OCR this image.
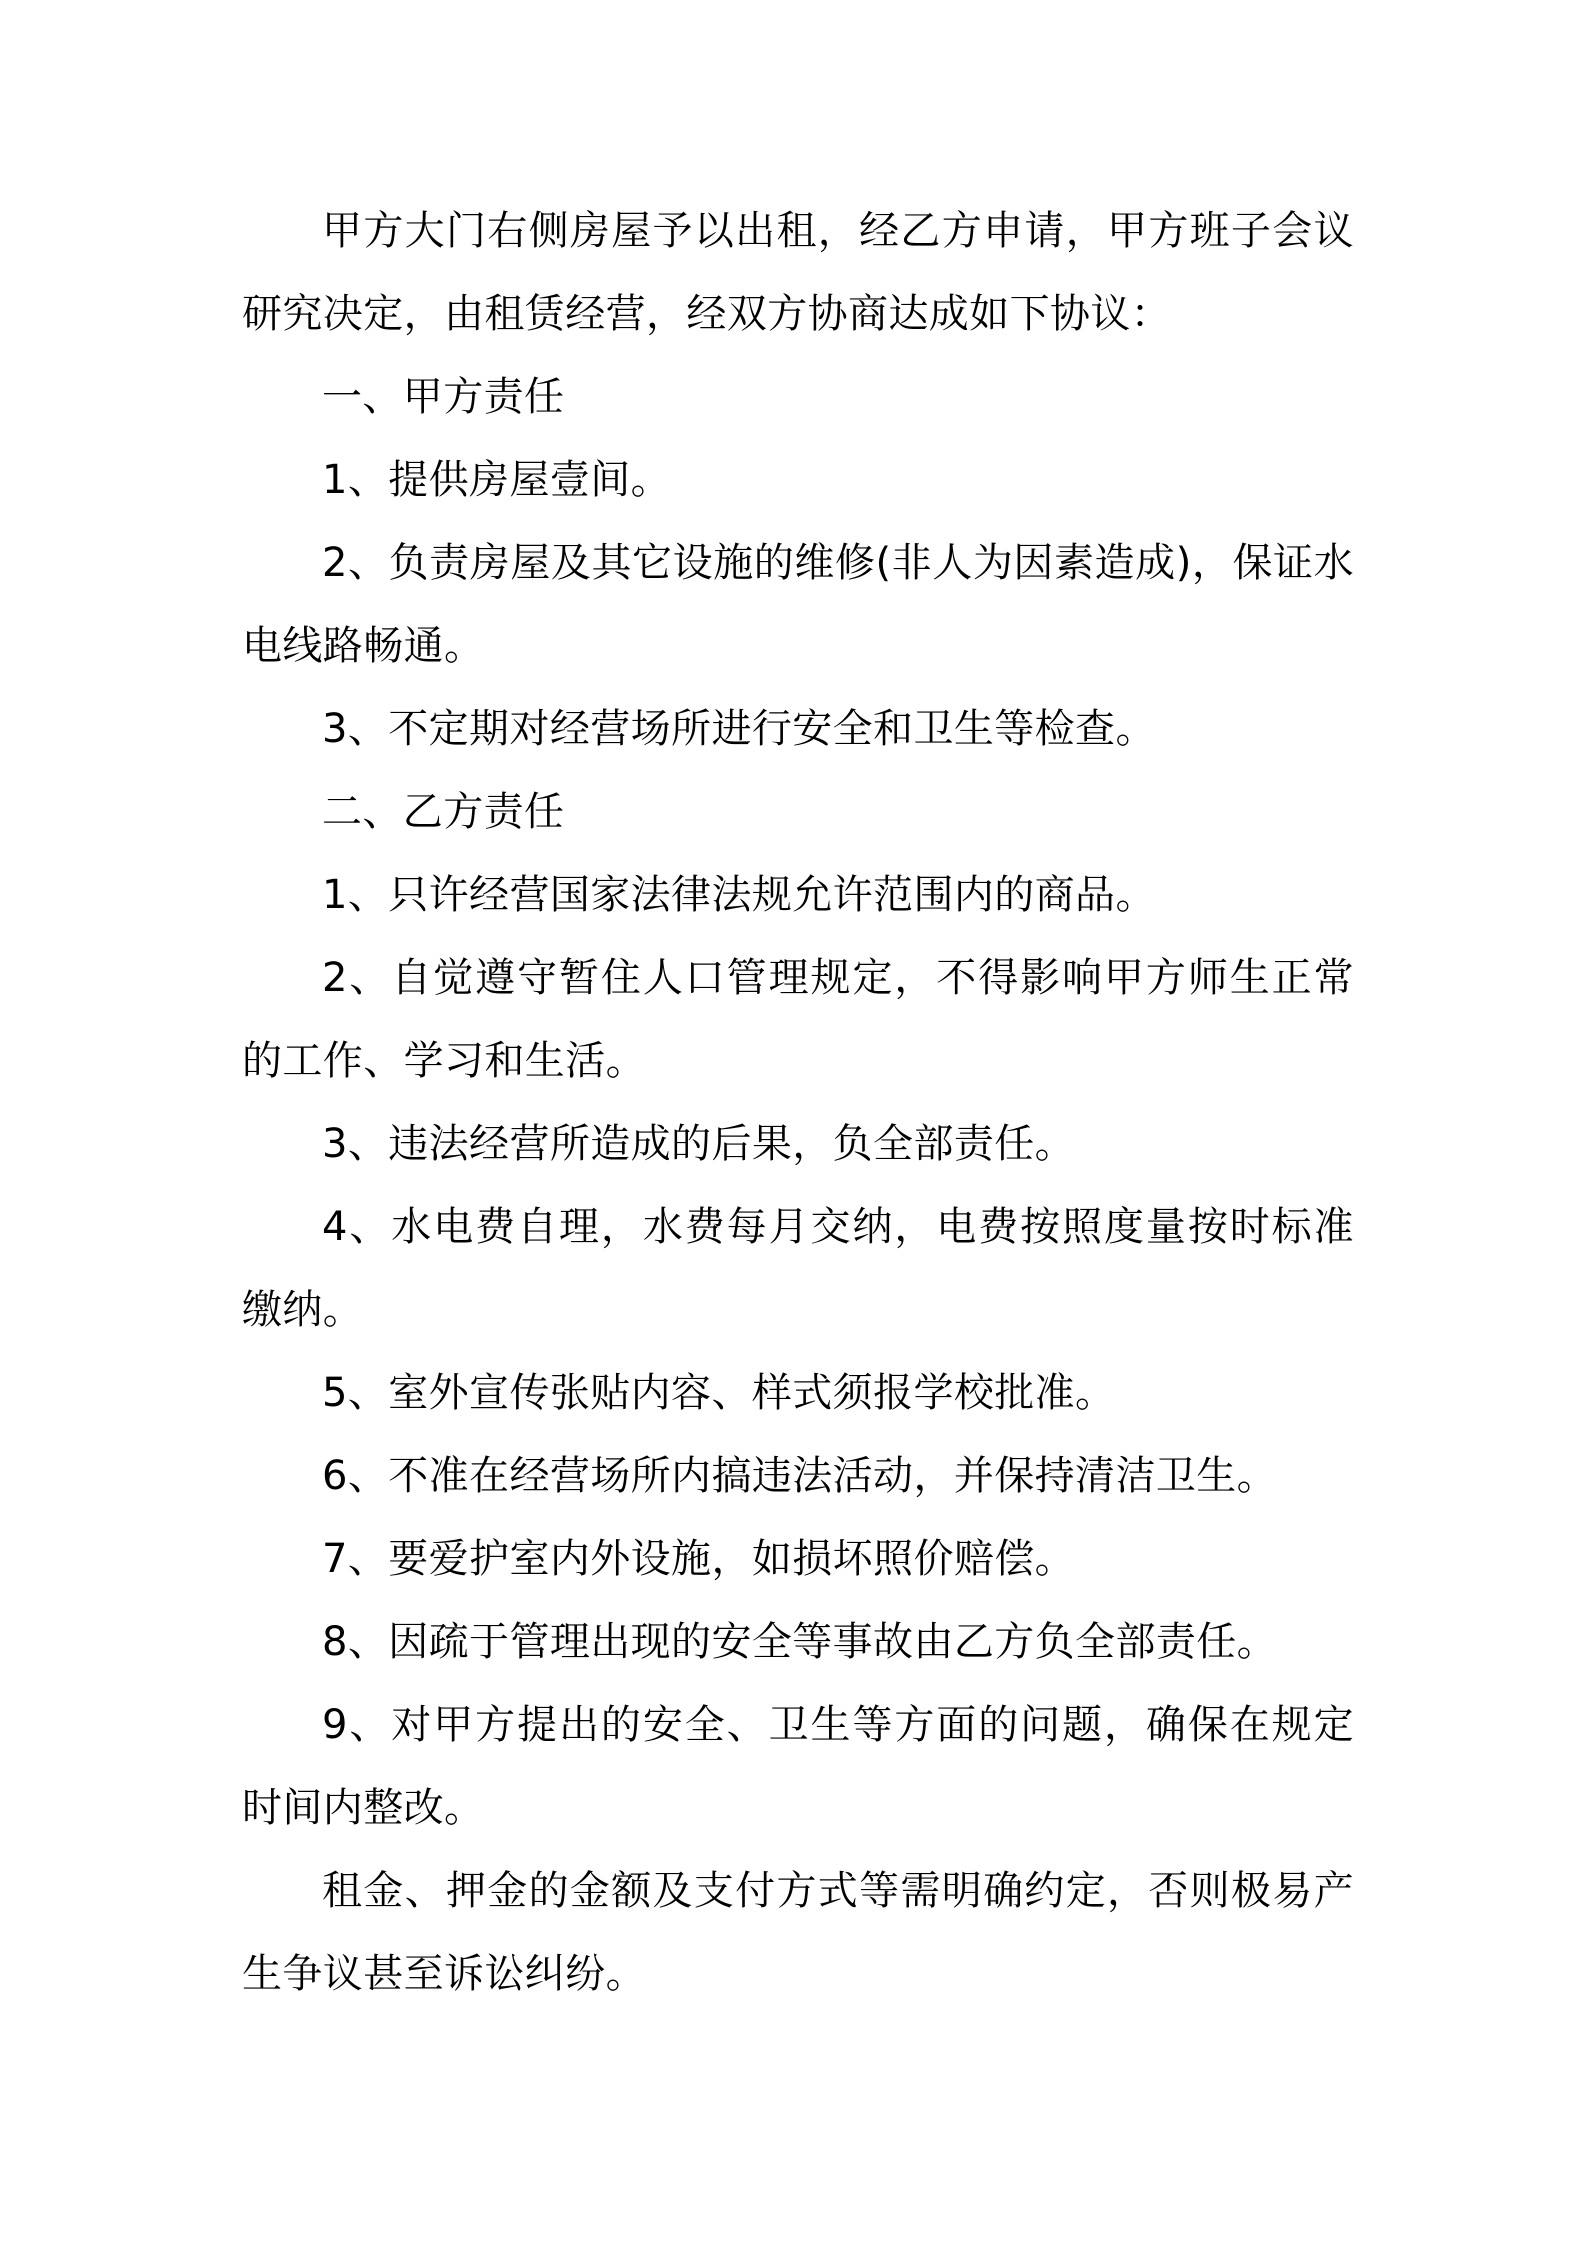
甲方大门右侧房屋予以出租，经乙方申请，甲方班子会议研究决定，由租赁经营，经双方协商达成如下协议：

一、甲方责任

1、提供房屋壹间。

2、负责房屋及其它设施的维修(非人为因素造成)，保证水电线路畅通。

3、不定期对经营场所进行安全和卫生等检查。

二、乙方责任

1、只许经营国家法律法规允许范围内的商品。

2、自觉遵守暂住人口管理规定，不得影响甲方师生正常的工作、学习和生活。

3、违法经营所造成的后果，负全部责任。

4、水电费自理，水费每月交纳，电费按照度量按时标准缴纳。

5、室外宣传张贴内容、样式须报学校批准。

6、不准在经营场所内搞违法活动，并保持清洁卫生。

7、要爱护室内外设施，如损坏照价赔偿。

8、因疏于管理出现的安全等事故由乙方负全部责任。

9、对甲方提出的安全、卫生等方面的问题，确保在规定时间内整改。

租金、押金的金额及支付方式等需明确约定，否则极易产生争议甚至诉讼纠纷。
